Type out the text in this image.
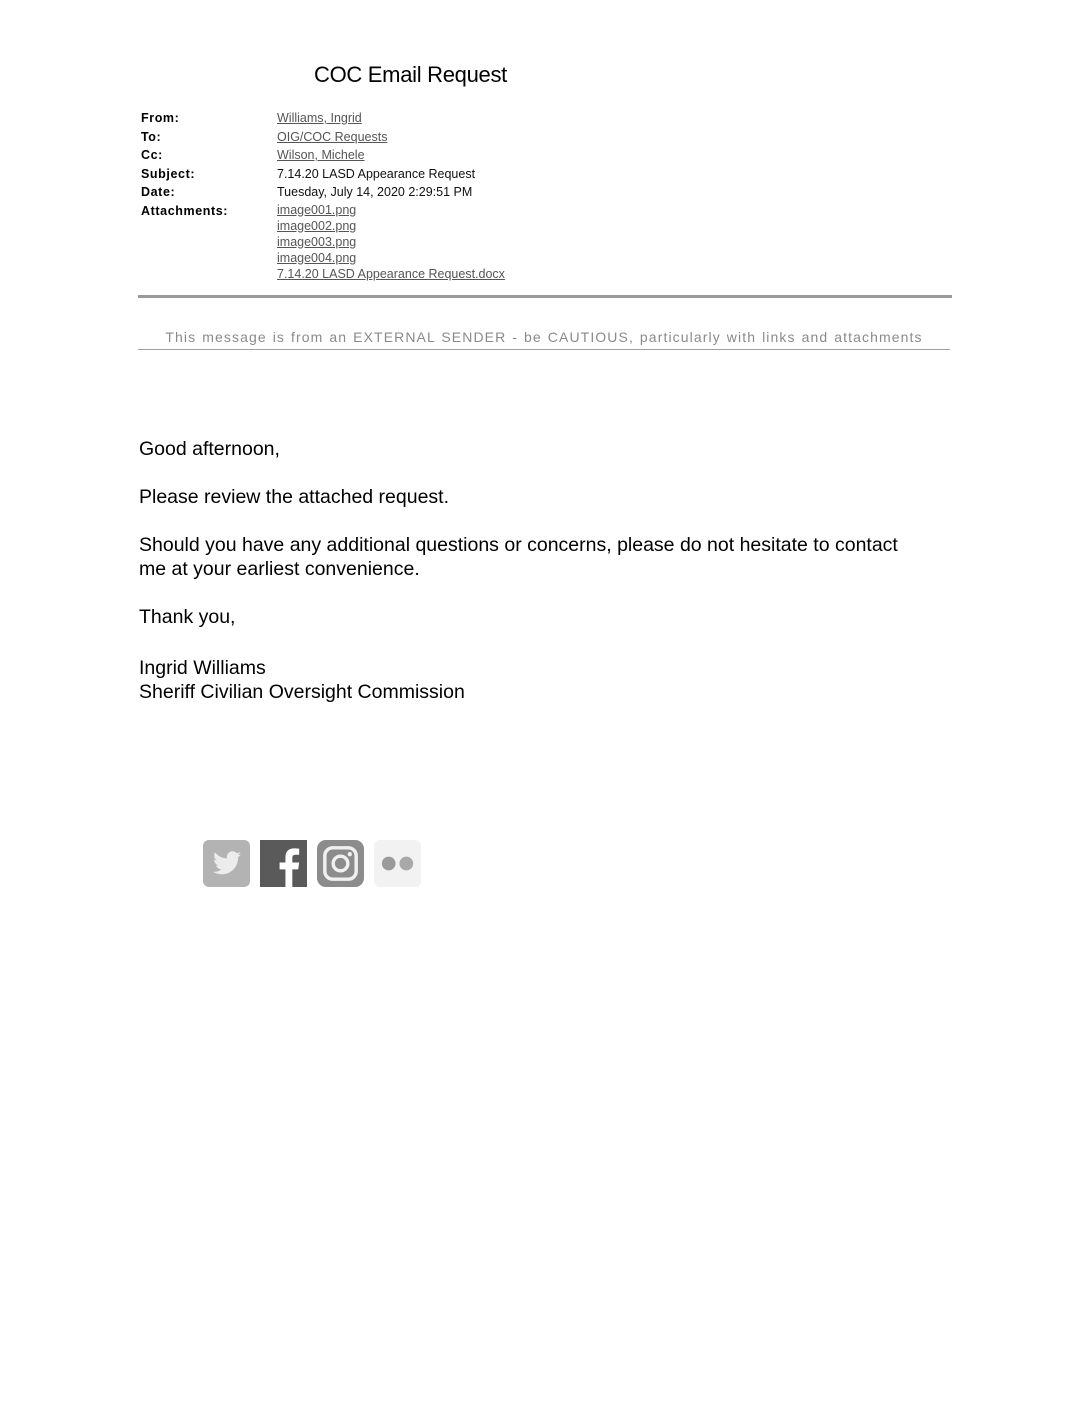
COC Email Request
From:	Williams, Ingrid
To:	OIG/COC Requests
Cc:	Wilson, Michele
Subject:	7.14.20 LASD Appearance Request
Date:	Tuesday, July 14, 2020 2:29:51 PM
Attachments:	image001.png
image002.png
image003.png
image004.png
7.14.20 LASD Appearance Request.docx
This message is from an EXTERNAL SENDER - be CAUTIOUS, particularly with links and attachments

Good afternoon,

Please review the attached request.

Should you have any additional questions or concerns, please do not hesitate to contact

me at your earliest convenience.

Thank you,

Ingrid Williams

Sheriff Civilian Oversight Commission
